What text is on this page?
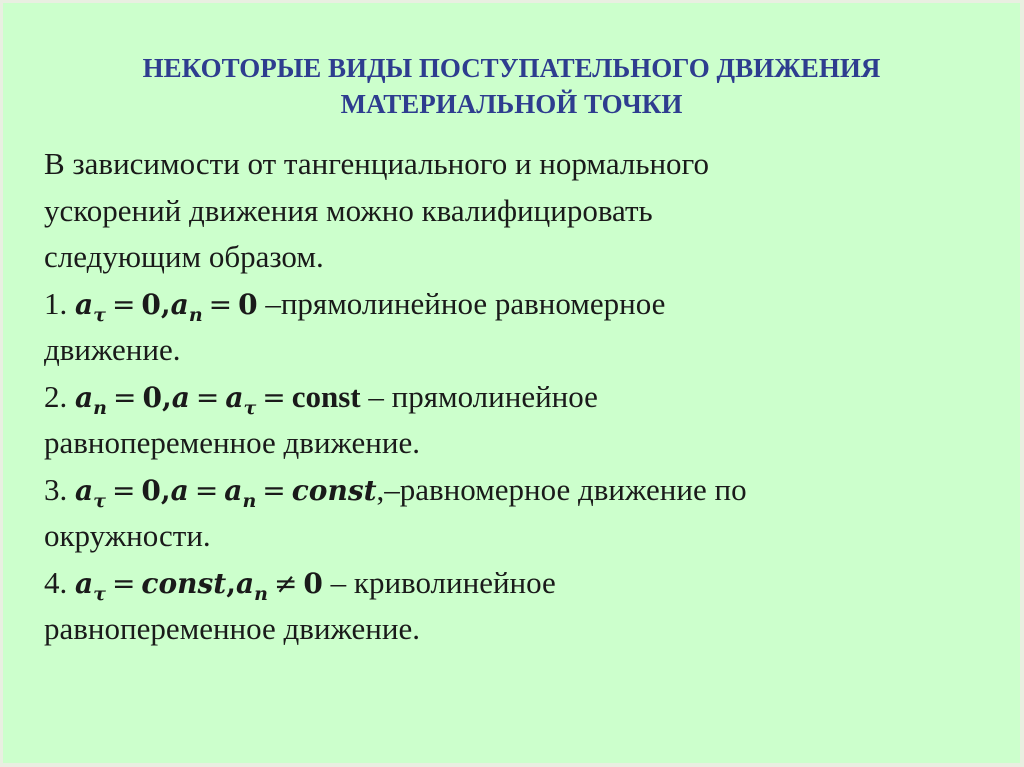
НЕКОТОРЫЕ ВИДЫ ПОСТУПАТЕЛЬНОГО ДВИЖЕНИЯ
МАТЕРИАЛЬНОЙ ТОЧКИ
В зависимости от тангенциального и нормального
ускорений движения можно квалифицировать
следующим образом.
1. $a_\tau = 0,a_n = 0$ –прямолинейное равномерное
движение.
2. $a_n = 0,a = a_\tau$ = const – прямолинейное
равнопеременное движение.
3. $a_\tau = 0,a = a_n$ = const,–равномерное движение по
окружности.
4. $a_\tau$ = $const,a_n \ne 0$ – криволинейное
равнопеременное движение.
